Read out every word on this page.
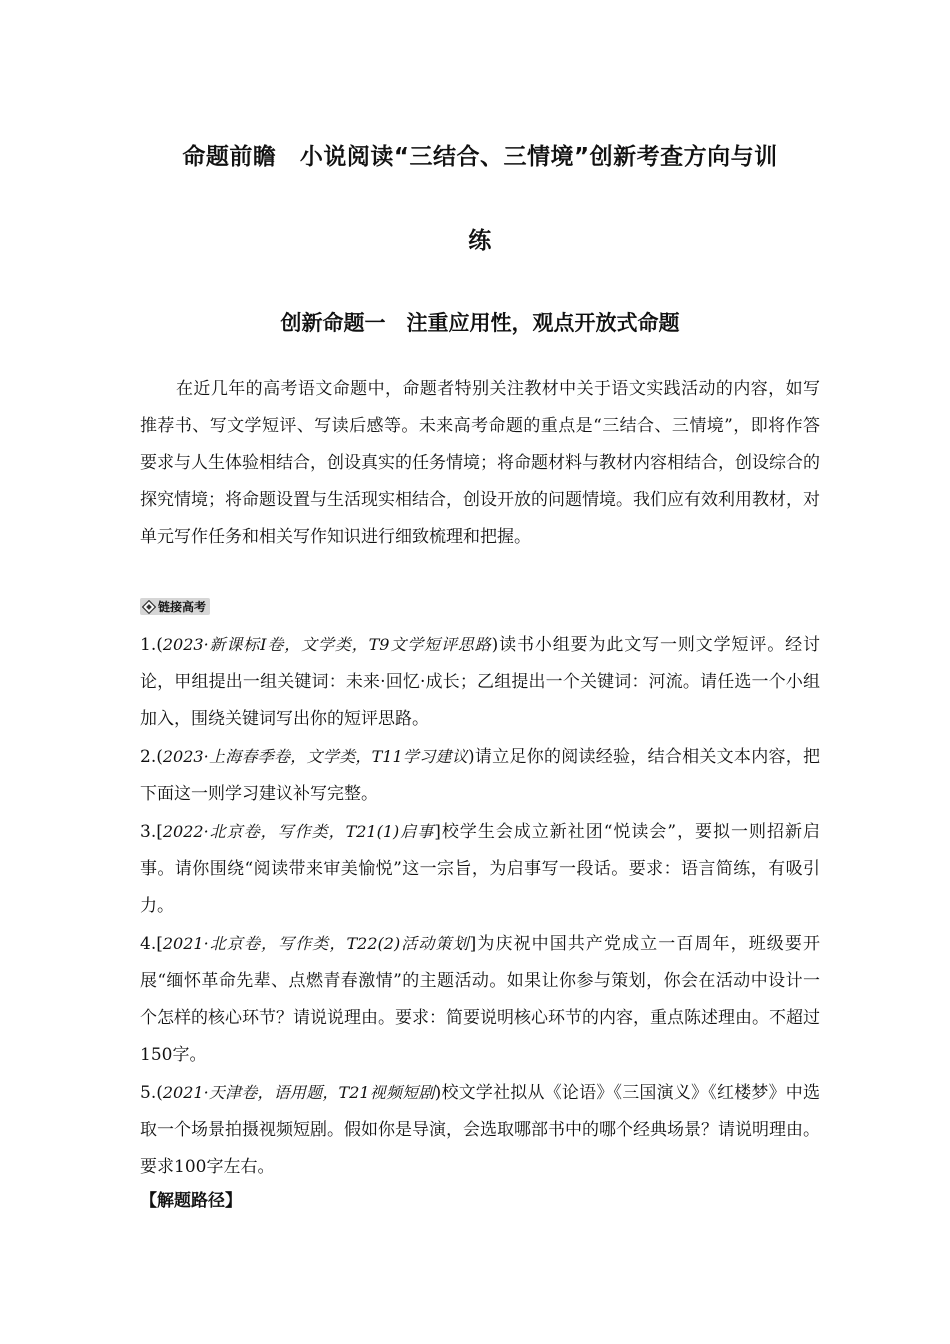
命题前瞻　小说阅读“三结合、三情境”创新考查方向与训
练
创新命题一　注重应用性，观点开放式命题
在近几年的高考语文命题中，命题者特别关注教材中关于语文实践活动的内容，如写推荐书、写文学短评、写读后感等。未来高考命题的重点是“三结合、三情境”，即将作答要求与人生体验相结合，创设真实的任务情境；将命题材料与教材内容相结合，创设综合的探究情境；将命题设置与生活现实相结合，创设开放的问题情境。我们应有效利用教材，对单元写作任务和相关写作知识进行细致梳理和把握。
链接高考
1.(2023·新课标Ⅰ卷，文学类，T9文学短评思路)读书小组要为此文写一则文学短评。经讨论，甲组提出一组关键词：未来·回忆·成长；乙组提出一个关键词：河流。请任选一个小组加入，围绕关键词写出你的短评思路。
2.(2023·上海春季卷，文学类，T11学习建议)请立足你的阅读经验，结合相关文本内容，把下面这一则学习建议补写完整。
3.[2022·北京卷，写作类，T21(1)启事]校学生会成立新社团“悦读会”，要拟一则招新启事。请你围绕“阅读带来审美愉悦”这一宗旨，为启事写一段话。要求：语言简练，有吸引力。
4.[2021·北京卷，写作类，T22(2)活动策划]为庆祝中国共产党成立一百周年，班级要开展“缅怀革命先辈、点燃青春激情”的主题活动。如果让你参与策划，你会在活动中设计一个怎样的核心环节？请说说理由。要求：简要说明核心环节的内容，重点陈述理由。不超过150字。
5.(2021·天津卷，语用题，T21视频短剧)校文学社拟从《论语》《三国演义》《红楼梦》中选取一个场景拍摄视频短剧。假如你是导演，会选取哪部书中的哪个经典场景？请说明理由。要求100字左右。
【解题路径】
